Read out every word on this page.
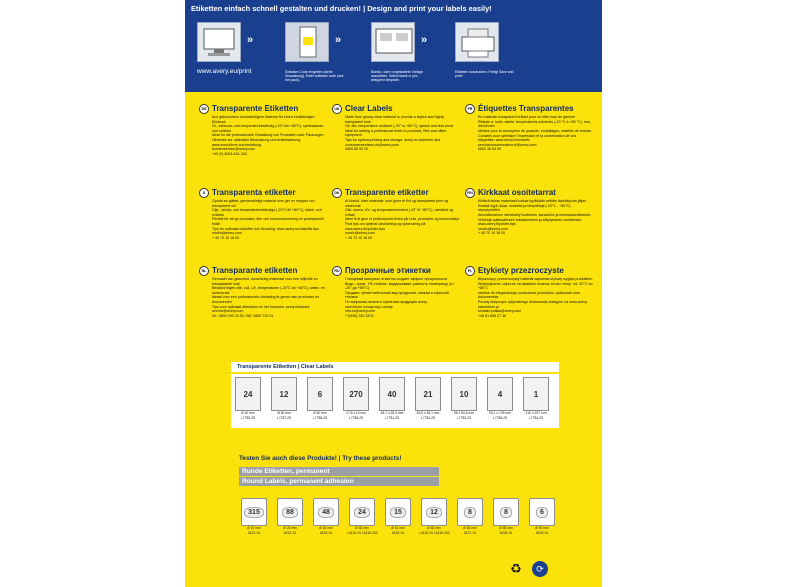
Etiketten einfach schnell gestalten und drucken! | Design and print your labels easily!
»
Software-Code eingeben (siehe Verpackung). Enter software code (see the pack).
»
Blanko- oder vorgestaltete Vorlage auswählen. Select blank or pre-designed template.
»
Etiketten ausdrucken. Fertig! Save and print!
www.avery.eu/print
DE Transparente Etiketten
Aus glänzendem durchsichtigem Material für einen erstklassigen Eindruck
Öl-, schmutz- und temperaturbeständig (-20° bis +80°C), spritzwasser- und reißfest
Ideal für die professionelle Gestaltung von Produkten oder Packungen
Hinweise zur optimalen Bedruckung und Aufbewahrung: www.zweckform.com/anleitung
kundenservice@avery.com
+49 (0) 8024-641-343
UK Clear Labels
Made from glossy clear material to provide a stylish and highly transparent look
Oil, dirt, temperature resistant (-20° to +80°C), splash and tear proof
Ideal for adding a professional finish to products, files and office equipment
Tips for optimal printing and storage: avery.co.uk/printer-tips
consumerservices-uk@avery.com
0800 80 50 20
FR Étiquettes Transparentes
En matériau transparent brillant pour un effet haut de gamme
Résiste à: huile, saleté, températures extrêmes (-20 °C à +80 °C), eau, déchirures
Idéales pour la conception de produits, emballages, matériel de bureau
Conseils pour optimiser l'impression et la conservation de vos étiquettes: www.avery.fr/conseils
serviceconsommateur-fr@avery.com
0800 36 54 09
S Transparenta etiketter
Gjorda av glättat, genomskinligt material som ger en elegant och transparent stil
Olje-, smuts- och temperaturbeständiga (-20°C till +80°C), stänk- och rivfasta
Perfekt för att ge produkter, filer och kontorsutrustning en professionell finish
Tips för optimala utskrifter och förvaring: www.avery.se/utskrifts-tips
nordic@avery.com
+ 45 70 10 18 00
DK Transparente etiketter
Af blankt, klart materiale, som giver et flot og transparent print og udseende
Olie, snavs, UV- og temperaturresistent (-20° til +80°C), vandfast og rivfast
Ideel til at give et professionelt finish på f.eks. produkter og kontorudstyr
Find tips om optimal udskrivning og opbevaring på: www.avery.dk/printer-tips
nordic@avery.com
+ 45 70 10 18 00
FIN Kirkkaat osoitetarrat
Kiiltävä kirkas materiaali luottaa tyylikkään erittäin läpinäkyvän jäljen
Kestää öljyä, likaa, roisketta ja lämpötiloja (-20°C - +80°C), repeytymätön
Ammattimainen viimeistely tuotteisiin, kansioihin ja toimistotarvikkeisiin
Vinkkejä optimaaliseen tulostamiseen ja säilytykseen osoitteesta: www.avery.fi/printer-tips
nordic@avery.com
+ 45 70 10 18 00
NL Transparante etiketten
Gemaakt van glanzend, doorzichtig materiaal voor een stijlvolle en transparante look
Bestand tegen olie, vuil, UV, temperaturen (-20°C tot +80°C), water- en scheurvast
Ideaal voor een professionele uitstraling te geven aan producten en documenten
Tips voor optimaal afdrukken en het bewaren: avery.nl/advies
service@avery.com
NL: 0800 099 33 90 / BE: 0800 725 01
RU Прозрачные этикетки
Глянцевый материал этикеток создает эффект прозрачности
Водо-, грязе- УФ-стойкие, выдерживают разность температур (от -20° до +80°C)
Придают презентабельный вид продуктам, папкам и офисной технике
По вопросам печати и хранения продукции avery-zweckform.ru/voprosy-i-otvety
info-ru@avery.com
+7(495) 320 3476
PL Etykiety przezroczyste
Błyszczący, przezroczysty materiał zapewnia stylowy wygląd produktom
Wodoodporne, odporne na działanie smarów, brudu i temp. od -20°C do +80°C
Idealne do eleganckiego oznaczania produktów, opakowań oraz dokumentów
Porady dotyczące optymalnego drukowania dostępne na www.avery-zweckform.pl
kontakt-polska@avery.com
+48 61 898 27 46
Transparente Etiketten | Clear Labels
24
Ø 40 mm
L7780-25
12
Ø 60 mm
L7787-25
6
Ø 80 mm
L7788-25
270
17,8 x 10 mm
L7785-25
40
45,7 x 25,4 mm
L7781-25
21
63,5 x 38,1 mm
L7782-25
10
96 x 50,8 mm
L7783-25
4
99,1 x 139 mm
L7786-25
1
210 x 297 mm
L7784-25
Testen Sie auch diese Produkte! | Try these products!
Runde Etiketten, permanent
Round Labels, permanent adhesion
315
Ø 10 mm
6221-10
88
Ø 20 mm
6222-10
48
Ø 30 mm
6223-10
24
Ø 40 mm
L3415-10 L3415-100
15
Ø 51 mm
6225-10
12
Ø 60 mm
L3416-10 L3416-100
8
Ø 65 mm
6227-10
8
Ø 85 mm
6228-10
6
Ø 90 mm
6229-10
♻	⟳
